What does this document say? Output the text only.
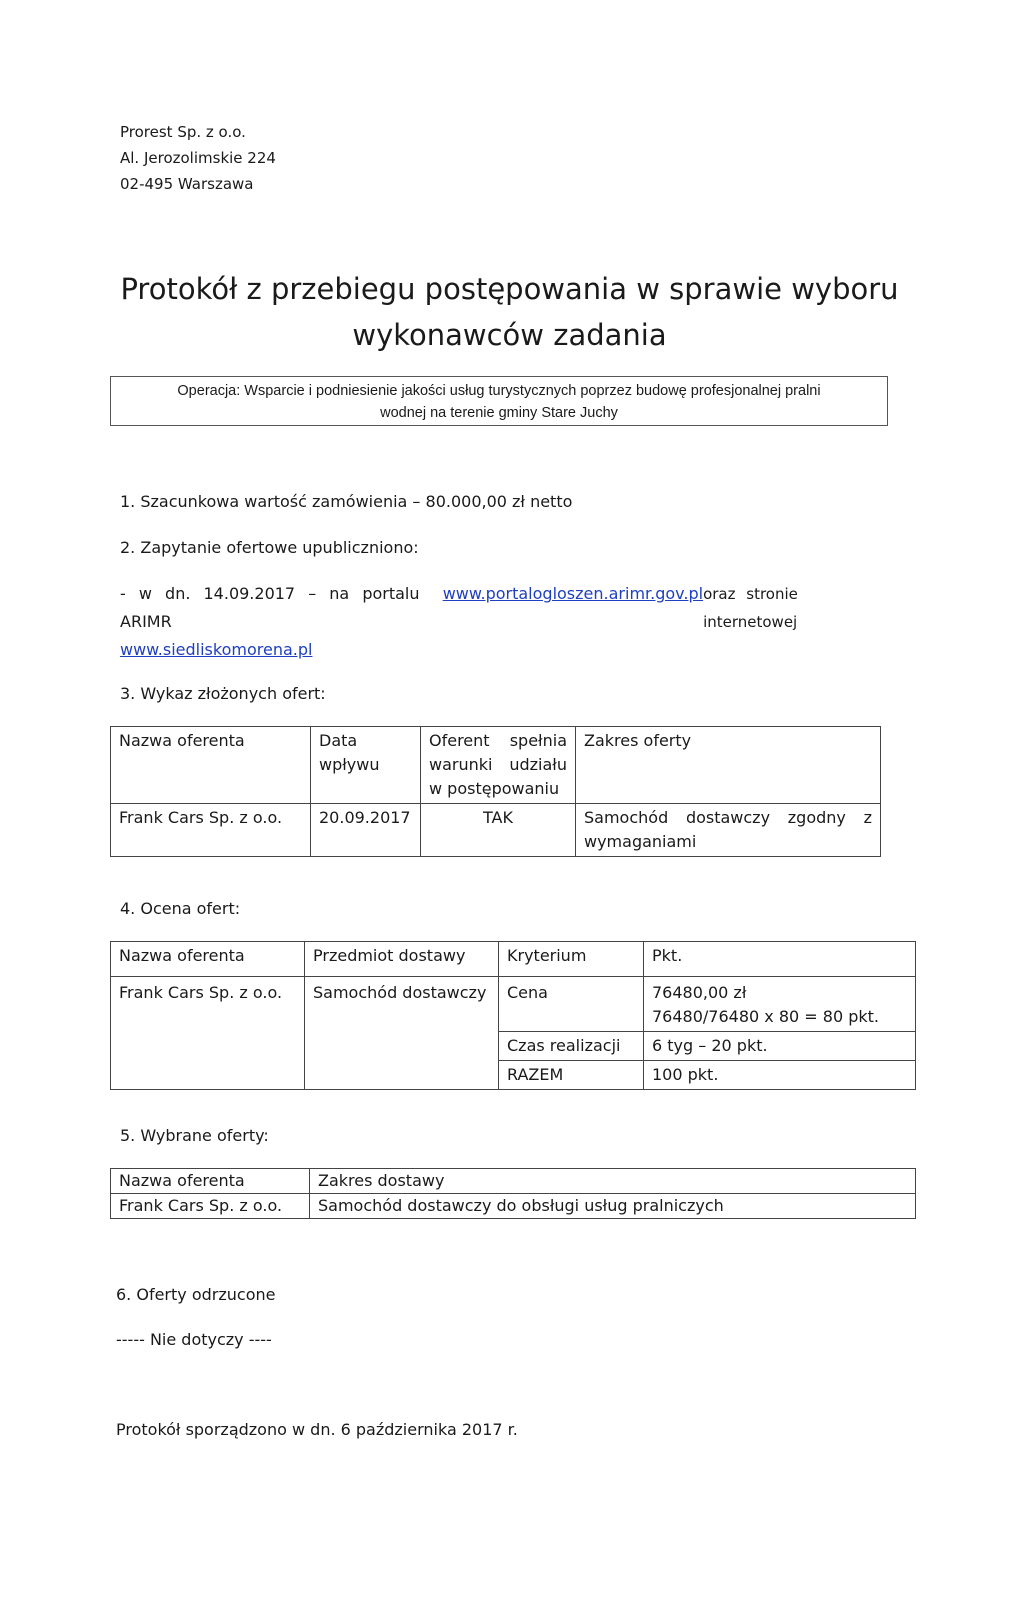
Prorest Sp. z o.o.
Al. Jerozolimskie 224
02-495 Warszawa
Protokół z przebiegu postępowania w sprawie wyboru
wykonawców zadania
Operacja: Wsparcie i podniesienie jakości usług turystycznych poprzez budowę profesjonalnej pralni
wodnej na terenie gminy Stare Juchy
1. Szacunkowa wartość zamówienia – 80.000,00 zł netto
2. Zapytanie ofertowe upubliczniono:
- w dn. 14.09.2017 – na portalu ARIMR
www.portalogloszen.arimr.gov.pl oraz stronie internetowej
www.siedliskomorena.pl
3. Wykaz złożonych ofert:
Nazwa oferenta	Data wpływu	Oferent spełnia warunki udziału w postępowaniu	Zakres oferty
Frank Cars Sp. z o.o.	20.09.2017	TAK	Samochód dostawczy zgodny z wymaganiami
4. Ocena ofert:
Nazwa oferenta	Przedmiot dostawy	Kryterium	Pkt.
Frank Cars Sp. z o.o.	Samochód dostawczy	Cena	76480,00 zł
76480/76480 x 80 = 80 pkt.

		Czas realizacji	6 tyg – 20 pkt.
		RAZEM	100 pkt.
5. Wybrane oferty:
Nazwa oferenta	Zakres dostawy
Frank Cars Sp. z o.o.	Samochód dostawczy do obsługi usług pralniczych
6. Oferty odrzucone
----- Nie dotyczy ----
Protokół sporządzono w dn. 6 października 2017 r.
